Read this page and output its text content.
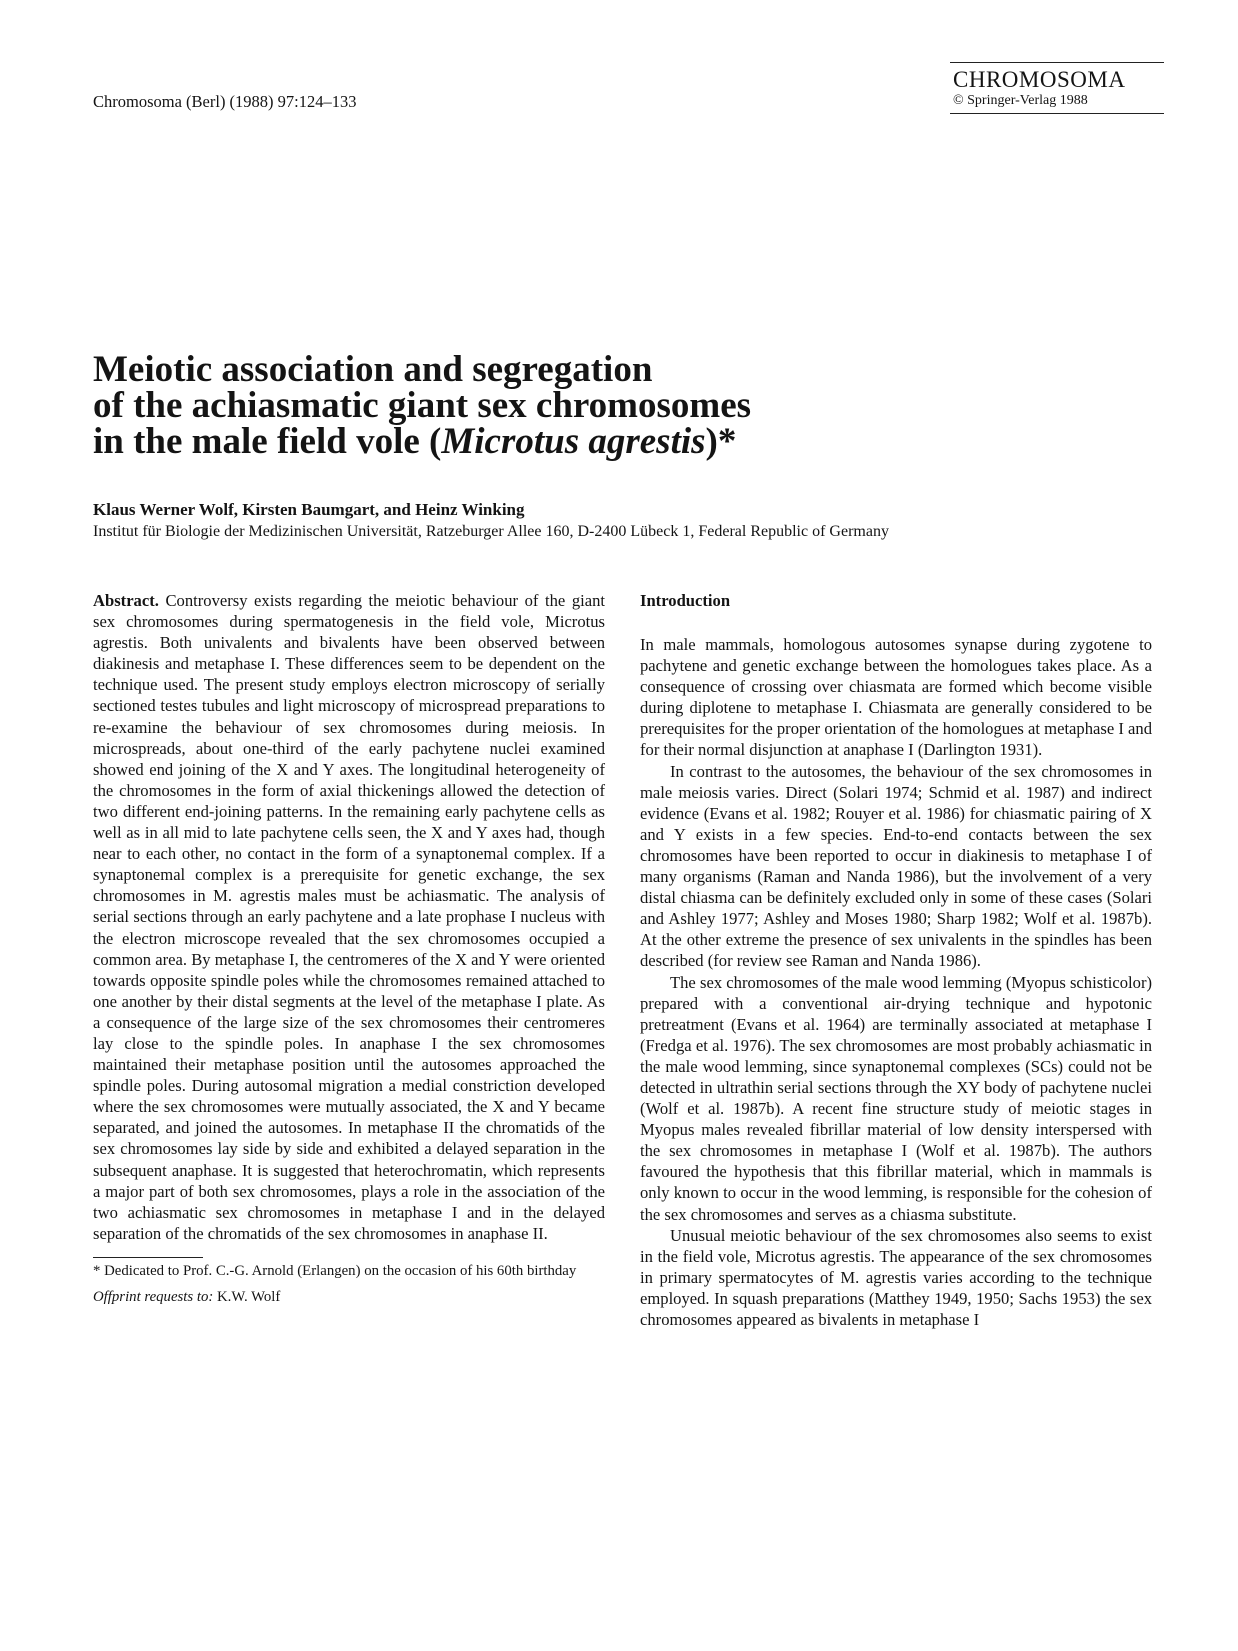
Chromosoma (Berl) (1988) 97:124–133
CHROMOSOMA
© Springer-Verlag 1988
Meiotic association and segregation
of the achiasmatic giant sex chromosomes
in the male field vole (Microtus agrestis)*
Klaus Werner Wolf, Kirsten Baumgart, and Heinz Winking
Institut für Biologie der Medizinischen Universität, Ratzeburger Allee 160, D-2400 Lübeck 1, Federal Republic of Germany

Abstract. Controversy exists regarding the meiotic behaviour of the giant sex chromosomes during spermatogenesis in the field vole, Microtus agrestis. Both univalents and bivalents have been observed between diakinesis and metaphase I. These differences seem to be dependent on the technique used. The present study employs electron microscopy of serially sectioned testes tubules and light microscopy of microspread preparations to re-examine the behaviour of sex chromosomes during meiosis. In microspreads, about one-third of the early pachytene nuclei examined showed end joining of the X and Y axes. The longitudinal heterogeneity of the chromosomes in the form of axial thickenings allowed the detection of two different end-joining patterns. In the remaining early pachytene cells as well as in all mid to late pachytene cells seen, the X and Y axes had, though near to each other, no contact in the form of a synaptonemal complex. If a synaptonemal complex is a prerequisite for genetic exchange, the sex chromosomes in M. agrestis males must be achiasmatic. The analysis of serial sections through an early pachytene and a late prophase I nucleus with the electron microscope revealed that the sex chromosomes occupied a common area. By metaphase I, the centromeres of the X and Y were oriented towards opposite spindle poles while the chromosomes remained attached to one another by their distal segments at the level of the metaphase I plate. As a consequence of the large size of the sex chromosomes their centromeres lay close to the spindle poles. In anaphase I the sex chromosomes maintained their metaphase position until the autosomes approached the spindle poles. During autosomal migration a medial constriction developed where the sex chromosomes were mutually associated, the X and Y became separated, and joined the autosomes. In metaphase II the chromatids of the sex chromosomes lay side by side and exhibited a delayed separation in the subsequent anaphase. It is suggested that heterochromatin, which represents a major part of both sex chromosomes, plays a role in the association of the two achiasmatic sex chromosomes in metaphase I and in the delayed separation of the chromatids of the sex chromosomes in anaphase II.

* Dedicated to Prof. C.-G. Arnold (Erlangen) on the occasion of his 60th birthday

Offprint requests to: K.W. Wolf
Introduction

In male mammals, homologous autosomes synapse during zygotene to pachytene and genetic exchange between the homologues takes place. As a consequence of crossing over chiasmata are formed which become visible during diplotene to metaphase I. Chiasmata are generally considered to be prerequisites for the proper orientation of the homologues at metaphase I and for their normal disjunction at anaphase I (Darlington 1931).

In contrast to the autosomes, the behaviour of the sex chromosomes in male meiosis varies. Direct (Solari 1974; Schmid et al. 1987) and indirect evidence (Evans et al. 1982; Rouyer et al. 1986) for chiasmatic pairing of X and Y exists in a few species. End-to-end contacts between the sex chromosomes have been reported to occur in diakinesis to metaphase I of many organisms (Raman and Nanda 1986), but the involvement of a very distal chiasma can be definitely excluded only in some of these cases (Solari and Ashley 1977; Ashley and Moses 1980; Sharp 1982; Wolf et al. 1987b). At the other extreme the presence of sex univalents in the spindles has been described (for review see Raman and Nanda 1986).

The sex chromosomes of the male wood lemming (Myopus schisticolor) prepared with a conventional air-drying technique and hypotonic pretreatment (Evans et al. 1964) are terminally associated at metaphase I (Fredga et al. 1976). The sex chromosomes are most probably achiasmatic in the male wood lemming, since synaptonemal complexes (SCs) could not be detected in ultrathin serial sections through the XY body of pachytene nuclei (Wolf et al. 1987b). A recent fine structure study of meiotic stages in Myopus males revealed fibrillar material of low density interspersed with the sex chromosomes in metaphase I (Wolf et al. 1987b). The authors favoured the hypothesis that this fibrillar material, which in mammals is only known to occur in the wood lemming, is responsible for the cohesion of the sex chromosomes and serves as a chiasma substitute.

Unusual meiotic behaviour of the sex chromosomes also seems to exist in the field vole, Microtus agrestis. The appearance of the sex chromosomes in primary spermatocytes of M. agrestis varies according to the technique employed. In squash preparations (Matthey 1949, 1950; Sachs 1953) the sex chromosomes appeared as bivalents in metaphase I
